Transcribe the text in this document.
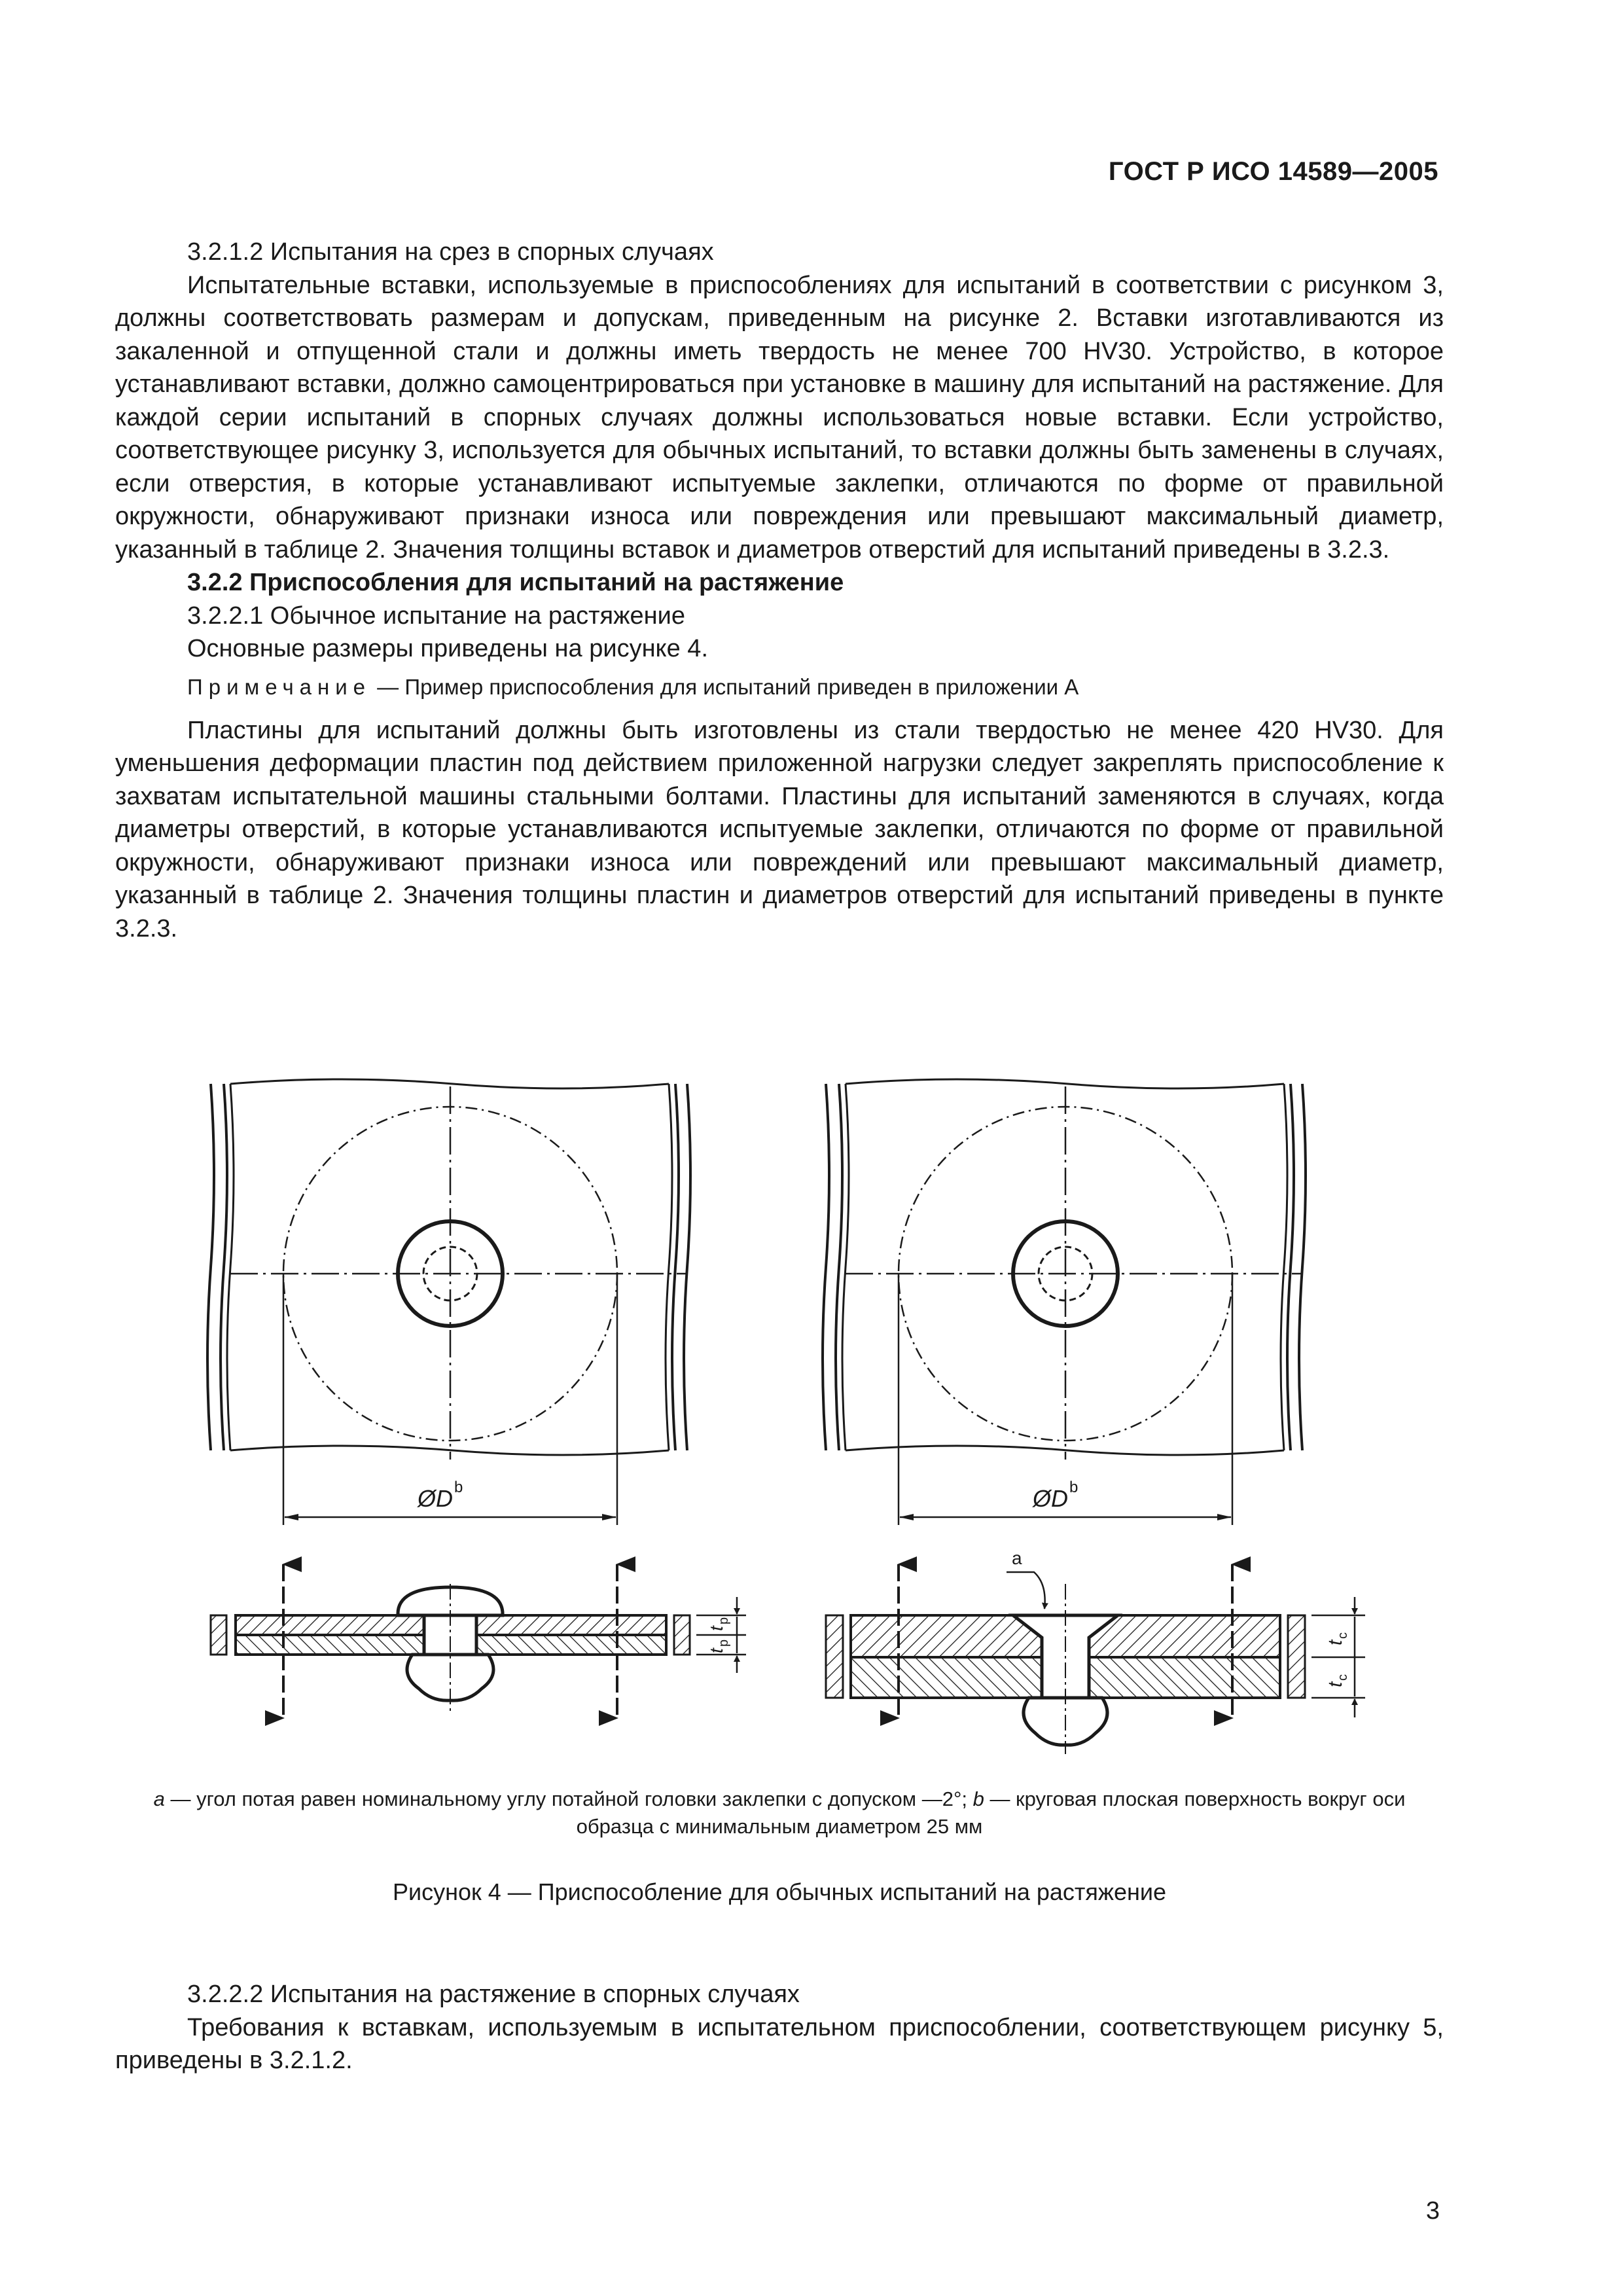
ГОСТ Р ИСО 14589—2005

3.2.1.2 Испытания на срез в спорных случаях

Испытательные вставки, используемые в приспособлениях для испытаний в соответствии с рисунком 3, должны соответствовать размерам и допускам, приведенным на рисунке 2. Вставки изготавливаются из закаленной и отпущенной стали и должны иметь твердость не менее 700 HV30. Устройство, в которое устанавливают вставки, должно самоцентрироваться при установке в машину для испытаний на растяжение. Для каждой серии испытаний в спорных случаях должны использоваться новые вставки. Если устройство, соответствующее рисунку 3, используется для обычных испытаний, то вставки должны быть заменены в случаях, если отверстия, в которые устанавливают испытуемые заклепки, отличаются по форме от правильной окружности, обнаруживают признаки износа или повреждения или превышают максимальный диаметр, указанный в таблице 2. Значения толщины вставок и диаметров отверстий для испытаний приведены в 3.2.3.

3.2.2 Приспособления для испытаний на растяжение

3.2.2.1 Обычное испытание на растяжение

Основные размеры приведены на рисунке 4.

Примечание — Пример приспособления для испытаний приведен в приложении А

Пластины для испытаний должны быть изготовлены из стали твердостью не менее 420 HV30. Для уменьшения деформации пластин под действием приложенной нагрузки следует закреплять приспособление к захватам испытательной машины стальными болтами. Пластины для испытаний заменяются в случаях, когда диаметры отверстий, в которые устанавливаются испытуемые заклепки, отличаются по форме от правильной окружности, обнаруживают признаки износа или повреждений или превышают максимальный диаметр, указанный в таблице 2. Значения толщины пластин и диаметров отверстий для испытаний приведены в пункте 3.2.3.

ØD b	ØD b
t
p
t
p
a
t
c
t
c
a — угол потая равен номинальному углу потайной головки заклепки с допуском —2°; b — круговая плоская поверхность вокруг оси образца с минимальным диаметром 25 мм
Рисунок 4 — Приспособление для обычных испытаний на растяжение

3.2.2.2 Испытания на растяжение в спорных случаях

Требования к вставкам, используемым в испытательном приспособлении, соответствующем рисунку 5, приведены в 3.2.1.2.

3
